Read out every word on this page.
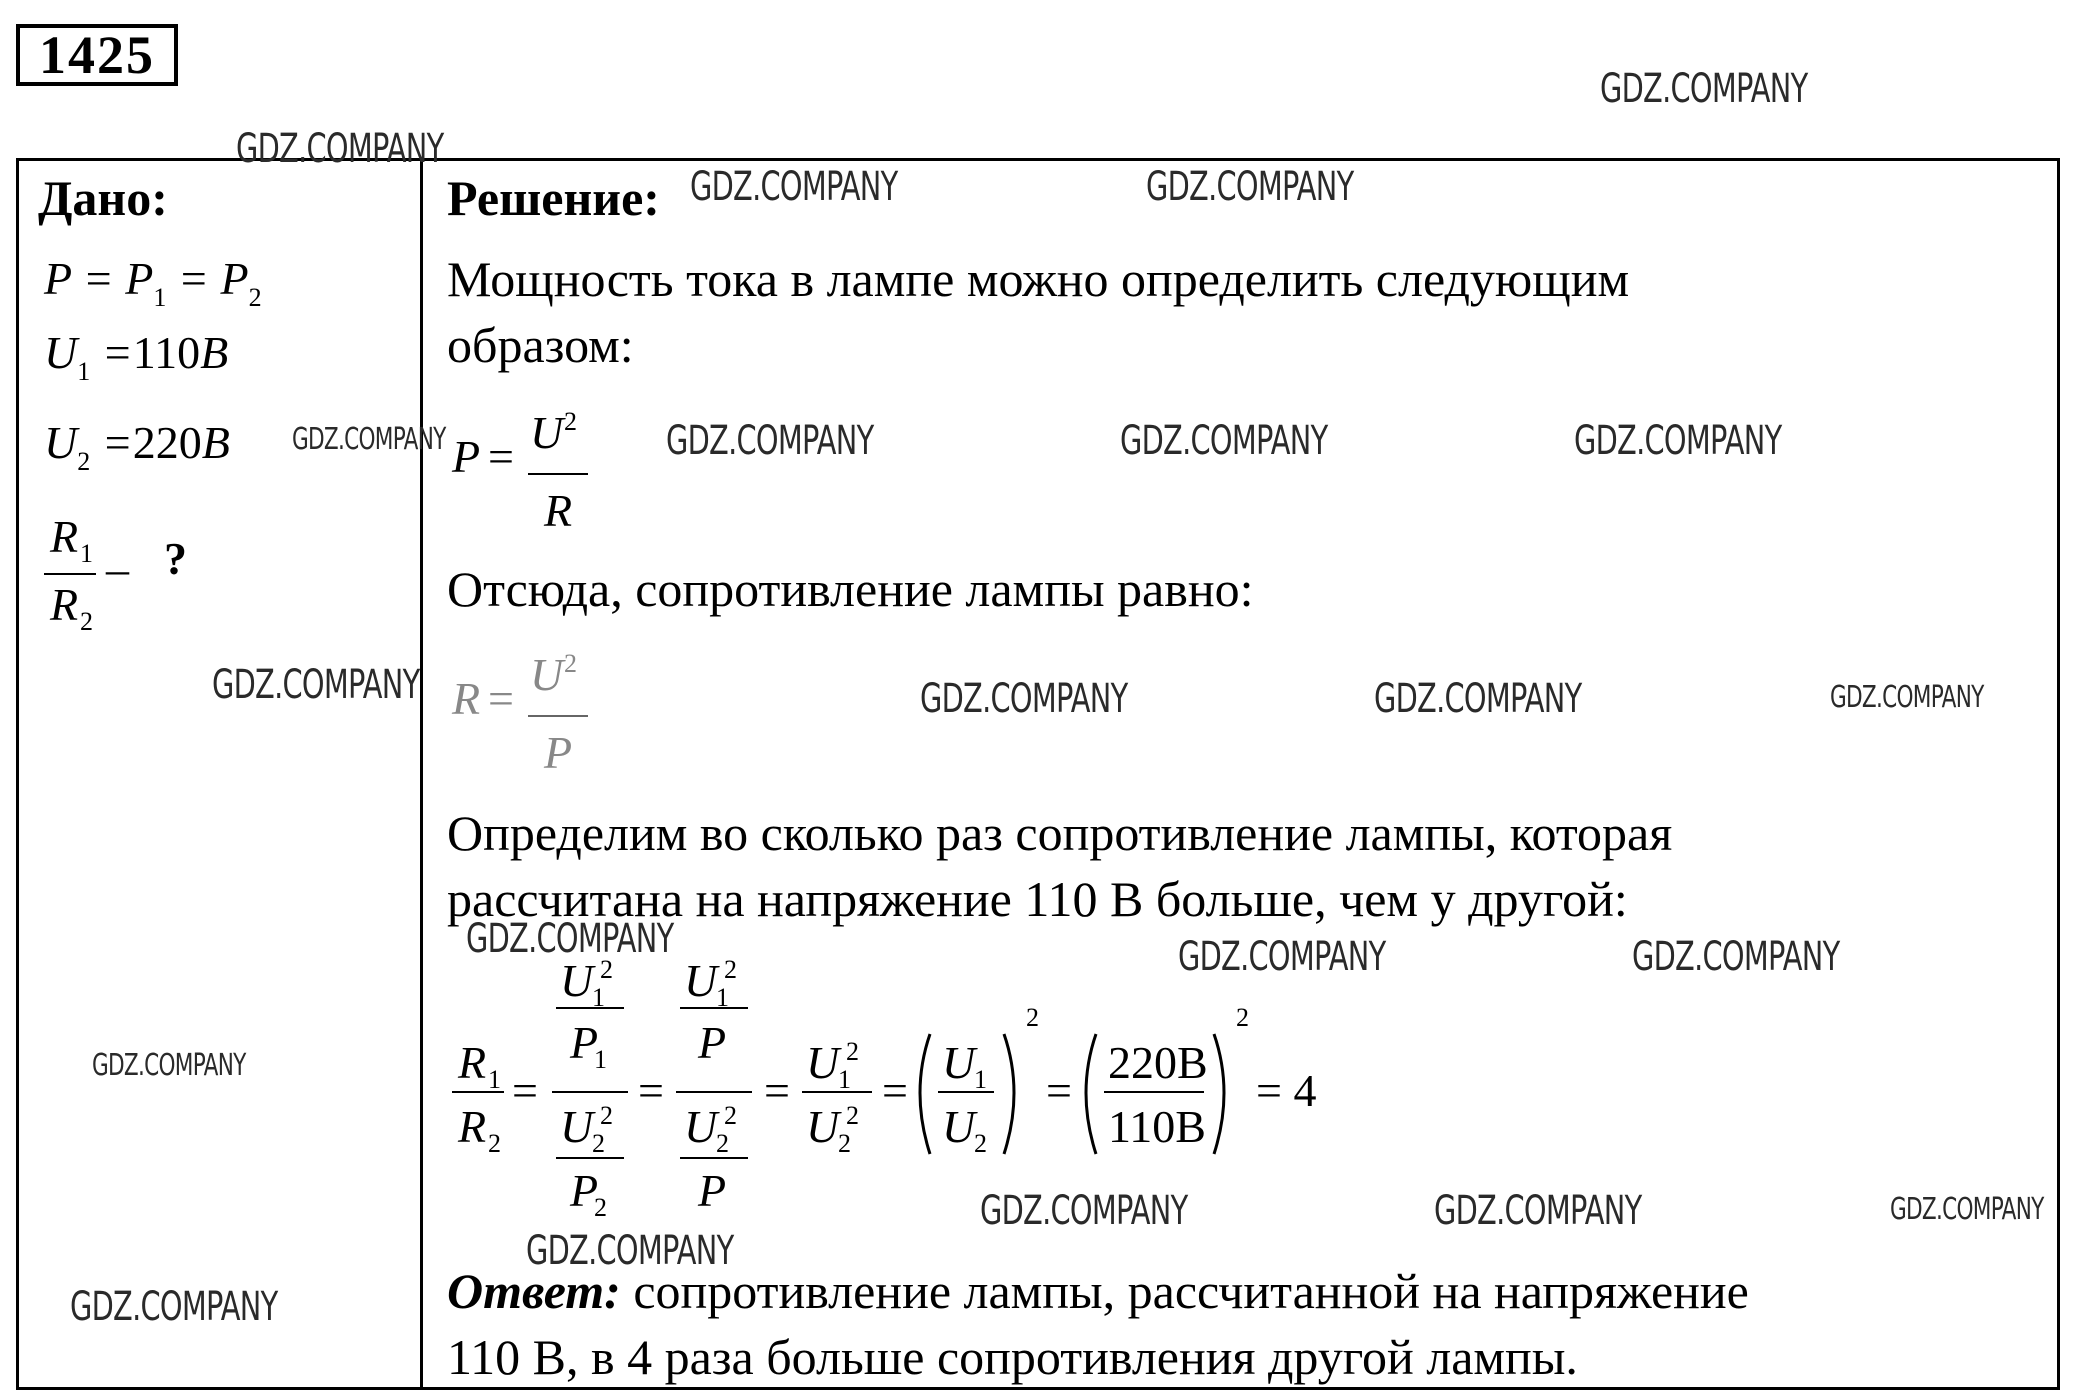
1425
Дано:
$P = P_1 = P_2$
$U_1 =110B$
$U_2 =220B$
R 1
R 2
– ?
Решение:
Мощность тока в лампе можно определить следующим
образом:
P = U 2
R
Отсюда, сопротивление лампы равно:
R = U 2
P
Определим во сколько раз сопротивление лампы, которая
рассчитана на напряжение 110 В больше, чем у другой:
R 1
R 2
=
U
1
2
P
1
U
2
2
P
2
=
U
1
2
P
U
2
2
P
=
U
1
2
U
2
2 =
U
1
U
2
2
=
220B
110B
2
= 4
Ответ: сопротивление лампы, рассчитанной на напряжение
110 В, в 4 раза больше сопротивления другой лампы.
GDZ.COMPANY
GDZ.COMPANY
GDZ.COMPANY	GDZ.COMPANY
GDZ.COMPANY	GDZ.COMPANY	GDZ.COMPANY	GDZ.COMPANY
GDZ.COMPANY	GDZ.COMPANY	GDZ.COMPANY	GDZ.COMPANY
GDZ.COMPANY	GDZ.COMPANY	GDZ.COMPANY
GDZ.COMPANY
GDZ.COMPANY	GDZ.COMPANY	GDZ.COMPANY
GDZ.COMPANY
GDZ.COMPANY
